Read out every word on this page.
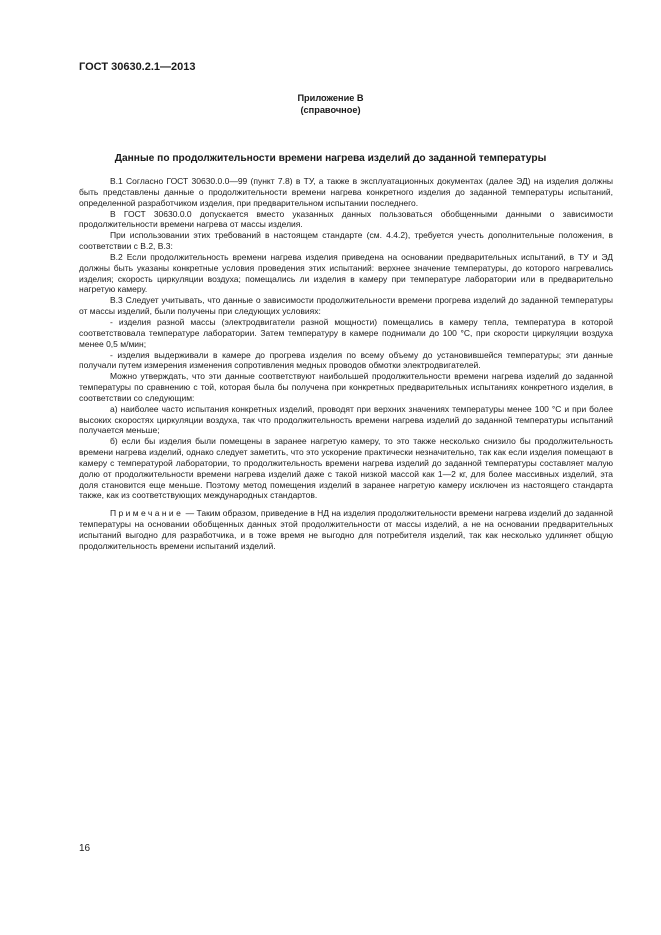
ГОСТ 30630.2.1—2013
Приложение В
(справочное)
Данные по продолжительности времени нагрева изделий до заданной температуры

В.1 Согласно ГОСТ 30630.0.0—99 (пункт 7.8) в ТУ, а также в эксплуатационных документах (далее ЭД) на изделия должны быть представлены данные о продолжительности времени нагрева конкретного изделия до заданной температуры испытаний, определенной разработчиком изделия, при предварительном испытании последнего.

В ГОСТ 30630.0.0 допускается вместо указанных данных пользоваться обобщенными данными о зависимости продолжительности времени нагрева от массы изделия.

При использовании этих требований в настоящем стандарте (см. 4.4.2), требуется учесть дополнительные положения, в соответствии с В.2, В.3:

В.2 Если продолжительность времени нагрева изделия приведена на основании предварительных испытаний, в ТУ и ЭД должны быть указаны конкретные условия проведения этих испытаний: верхнее значение температуры, до которого нагревались изделия; скорость циркуляции воздуха; помещались ли изделия в камеру при температуре лаборатории или в предварительно нагретую камеру.

В.3 Следует учитывать, что данные о зависимости продолжительности времени прогрева изделий до заданной температуры от массы изделий, были получены при следующих условиях:

- изделия разной массы (электродвигатели разной мощности) помещались в камеру тепла, температура в которой соответствовала температуре лаборатории. Затем температуру в камере поднимали до 100 °С, при скорости циркуляции воздуха менее 0,5 м/мин;

- изделия выдерживали в камере до прогрева изделия по всему объему до установившейся температуры; эти данные получали путем измерения изменения сопротивления медных проводов обмотки электродвигателей.

Можно утверждать, что эти данные соответствуют наибольшей продолжительности времени нагрева изделий до заданной температуры по сравнению с той, которая была бы получена при конкретных предварительных испытаниях конкретного изделия, в соответствии со следующим:

а) наиболее часто испытания конкретных изделий, проводят при верхних значениях температуры менее 100 °С и при более высоких скоростях циркуляции воздуха, так что продолжительность времени нагрева изделий до заданной температуры испытаний получается меньше;

б) если бы изделия были помещены в заранее нагретую камеру, то это также несколько снизило бы продолжительность времени нагрева изделий, однако следует заметить, что это ускорение практически незначительно, так как если изделия помещают в камеру с температурой лаборатории, то продолжительность времени нагрева изделий до заданной температуры составляет малую долю от продолжительности времени нагрева изделий даже с такой низкой массой как 1—2 кг, для более массивных изделий, эта доля становится еще меньше. Поэтому метод помещения изделий в заранее нагретую камеру исключен из настоящего стандарта также, как из соответствующих международных стандартов.

Примечание — Таким образом, приведение в НД на изделия продолжительности времени нагрева изделий до заданной температуры на основании обобщенных данных этой продолжительности от массы изделий, а не на основании предварительных испытаний выгодно для разработчика, и в тоже время не выгодно для потребителя изделий, так как несколько удлиняет общую продолжительность времени испытаний изделий.

16
